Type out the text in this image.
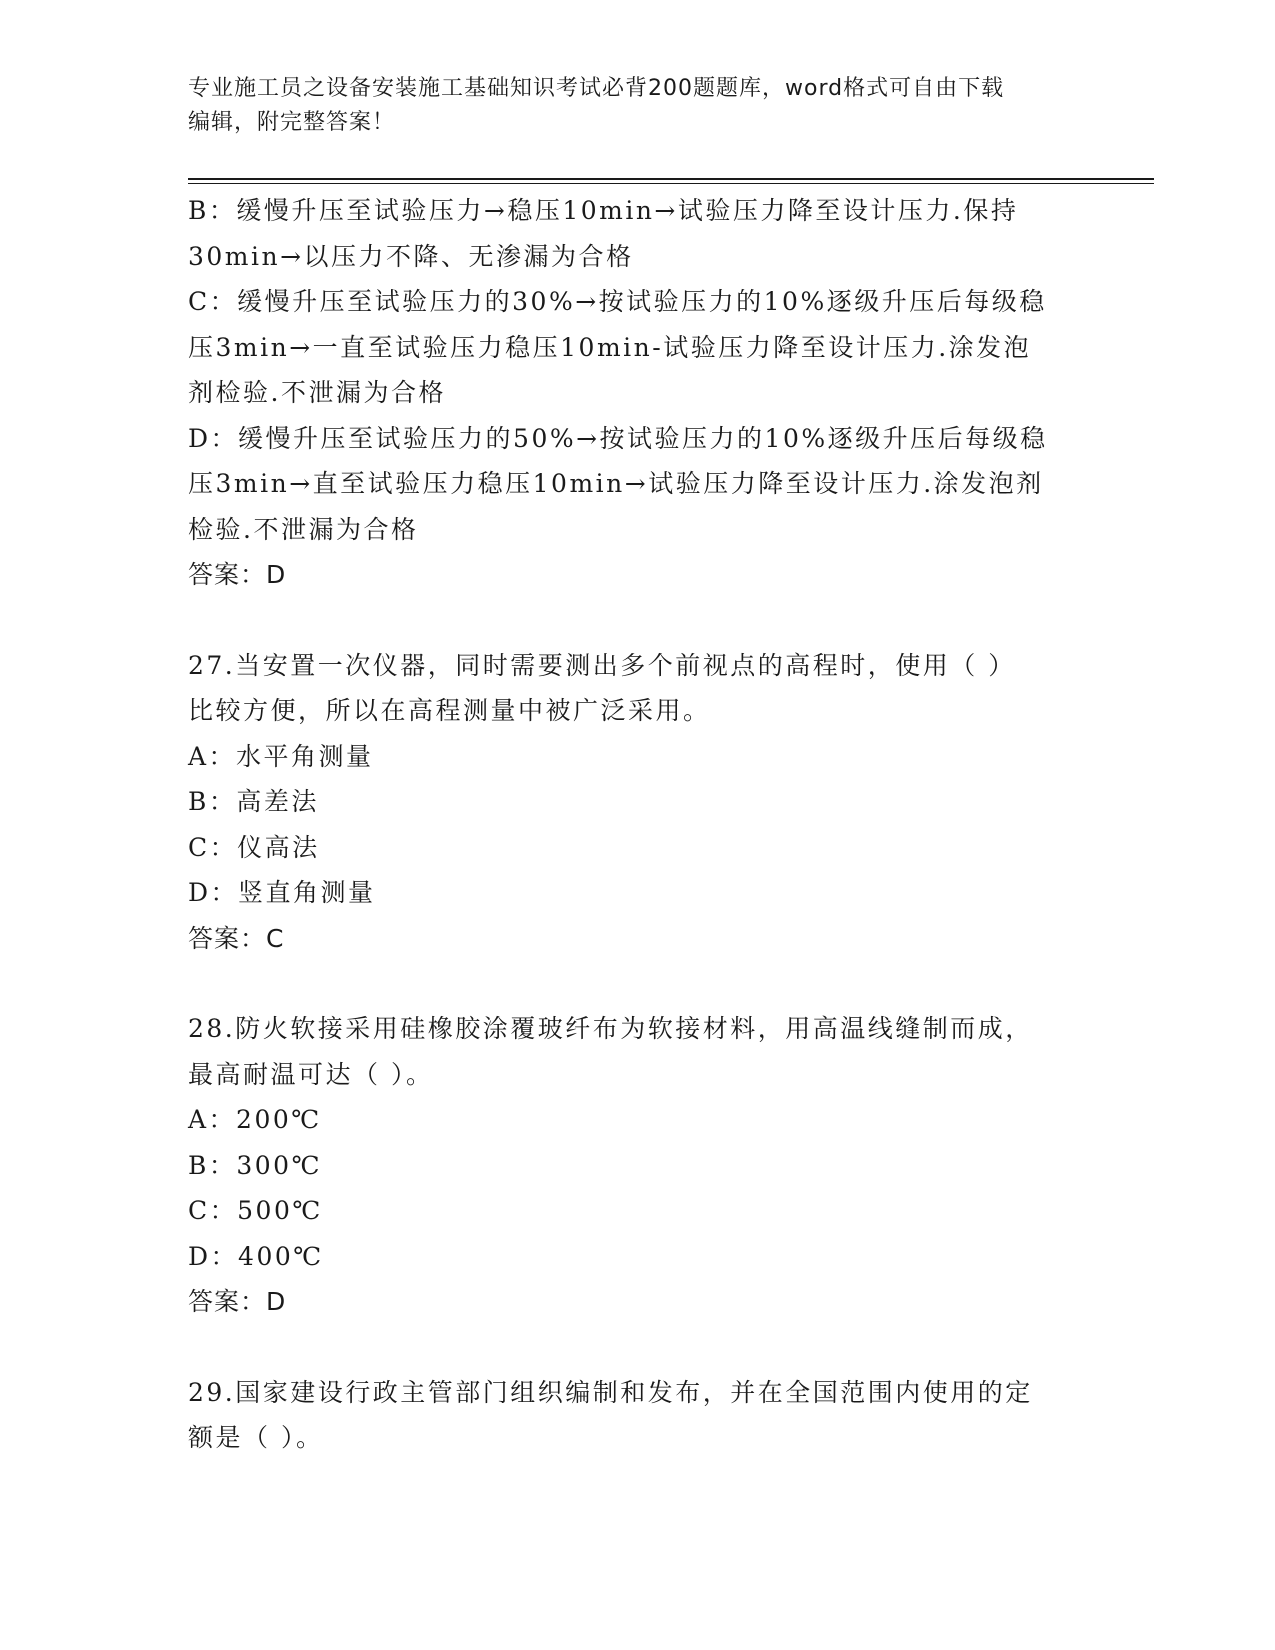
专业施工员之设备安装施工基础知识考试必背200题题库，word格式可自由下载
编辑，附完整答案！
B：缓慢升压至试验压力→稳压10min→试验压力降至设计压力.保持
30min→以压力不降、无渗漏为合格
C：缓慢升压至试验压力的30%→按试验压力的10%逐级升压后每级稳
压3min→一直至试验压力稳压10min-试验压力降至设计压力.涂发泡
剂检验.不泄漏为合格
D：缓慢升压至试验压力的50%→按试验压力的10%逐级升压后每级稳
压3min→直至试验压力稳压10min→试验压力降至设计压力.涂发泡剂
检验.不泄漏为合格
答案：D
27.当安置一次仪器，同时需要测出多个前视点的高程时，使用（ ）
比较方便，所以在高程测量中被广泛采用。
A：水平角测量
B：高差法
C：仪高法
D：竖直角测量
答案：C
28.防火软接采用硅橡胶涂覆玻纤布为软接材料，用高温线缝制而成，
最高耐温可达（ ）。
A：200℃
B：300℃
C：500℃
D：400℃
答案：D
29.国家建设行政主管部门组织编制和发布，并在全国范围内使用的定
额是（ ）。
